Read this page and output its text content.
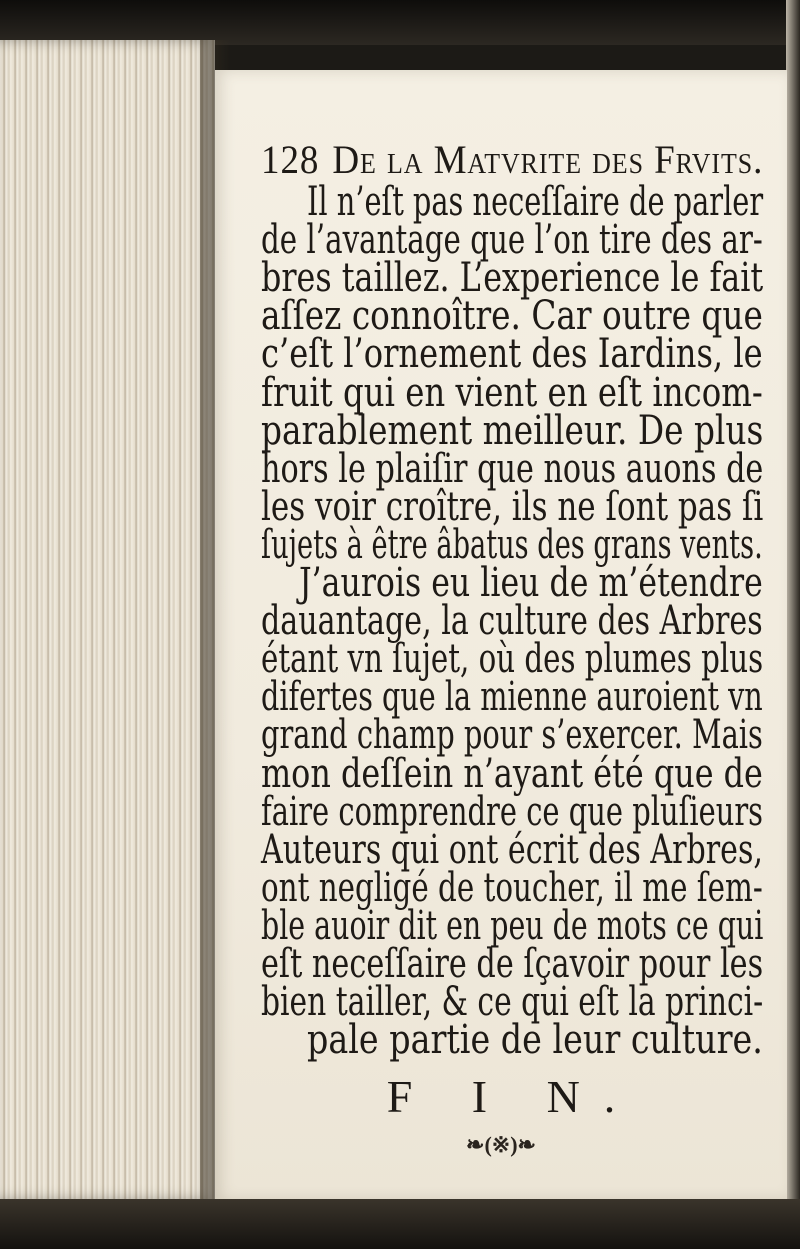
128 De la Matvrite des Frvits.
Il n’eſt pas neceſſaire de parler
de l’avantage que l’on tire des ar-
bres taillez. L’experience le fait
aſſez connoître. Car outre que
c’eſt l’ornement des Iardins, le
fruit qui en vient en eſt incom-
parablement meilleur. De plus
hors le plaiſir que nous auons de
les voir croître, ils ne ſont pas ſi
ſujets à être âbatus des grans vents.
J’aurois eu lieu de m’étendre
dauantage, la culture des Arbres
étant vn ſujet, où des plumes plus
difertes que la mienne auroient vn
grand champ pour s’exercer. Mais
mon deſſein n’ayant été que de
faire comprendre ce que pluſieurs
Auteurs qui ont écrit des Arbres,
ont negligé de toucher, il me ſem-
ble auoir dit en peu de mots ce qui
eſt neceſſaire de ſçavoir pour les
bien tailler, & ce qui eſt la princi-
pale partie de leur culture.
F I N.
❧(※)❧
